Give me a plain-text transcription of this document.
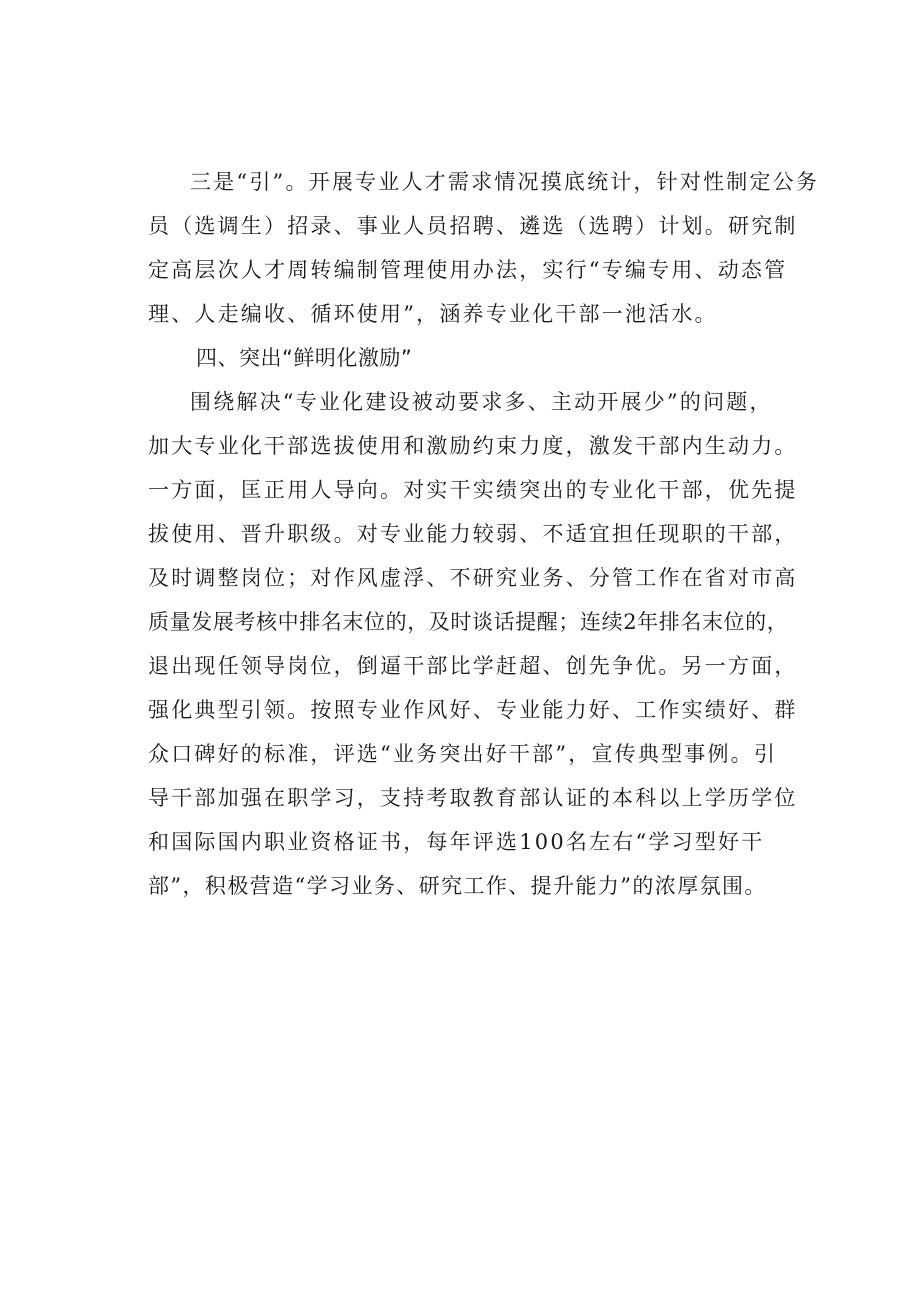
三是“引”。开展专业人才需求情况摸底统计，针对性制定公务
员（选调生）招录、事业人员招聘、遴选（选聘）计划。研究制
定高层次人才周转编制管理使用办法，实行“专编专用、动态管
理、人走编收、循环使用”，涵养专业化干部一池活水。
四、突出“鲜明化激励”
围绕解决“专业化建设被动要求多、主动开展少”的问题，
加大专业化干部选拔使用和激励约束力度，激发干部内生动力。
一方面，匡正用人导向。对实干实绩突出的专业化干部，优先提
拔使用、晋升职级。对专业能力较弱、不适宜担任现职的干部，
及时调整岗位；对作风虚浮、不研究业务、分管工作在省对市高
质量发展考核中排名末位的，及时谈话提醒；连续2年排名末位的，
退出现任领导岗位，倒逼干部比学赶超、创先争优。另一方面，
强化典型引领。按照专业作风好、专业能力好、工作实绩好、群
众口碑好的标准，评选“业务突出好干部”，宣传典型事例。引
导干部加强在职学习，支持考取教育部认证的本科以上学历学位
和国际国内职业资格证书，每年评选100名左右“学习型好干
部”，积极营造“学习业务、研究工作、提升能力”的浓厚氛围。
